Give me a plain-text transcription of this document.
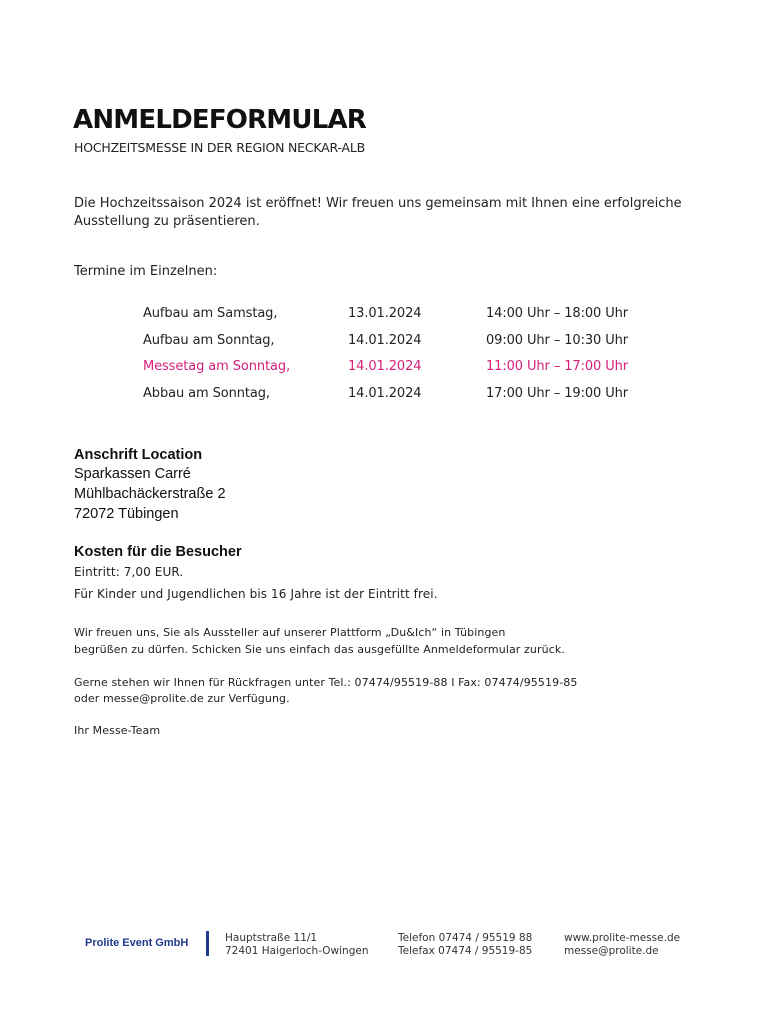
ANMELDEFORMULAR
HOCHZEITSMESSE IN DER REGION NECKAR-ALB

Die Hochzeitssaison 2024 ist eröffnet! Wir freuen uns gemeinsam mit Ihnen eine erfolgreiche Ausstellung zu präsentieren.

Termine im Einzelnen:
Aufbau am Samstag,	13.01.2024	14:00 Uhr – 18:00 Uhr
Aufbau am Sonntag,	14.01.2024	09:00 Uhr – 10:30 Uhr
Messetag am Sonntag,	14.01.2024	11:00 Uhr – 17:00 Uhr
Abbau am Sonntag,	14.01.2024	17:00 Uhr – 19:00 Uhr
Anschrift Location
Sparkassen Carré
Mühlbachäckerstraße 2
72072 Tübingen
Kosten für die Besucher
Eintritt: 7,00 EUR.
Für Kinder und Jugendlichen bis 16 Jahre ist der Eintritt frei.
Wir freuen uns, Sie als Aussteller auf unserer Plattform „Du&Ich“ in Tübingen
begrüßen zu dürfen. Schicken Sie uns einfach das ausgefüllte Anmeldeformular zurück.
Gerne stehen wir Ihnen für Rückfragen unter Tel.: 07474/95519-88 I Fax: 07474/95519-85
oder messe@prolite.de zur Verfügung.
Ihr Messe-Team
Prolite Event GmbH	Hauptstraße 11/1
72401 Haigerloch-Owingen
Telefon 07474 / 95519 88
Telefax 07474 / 95519-85
www.prolite-messe.de
messe@prolite.de
